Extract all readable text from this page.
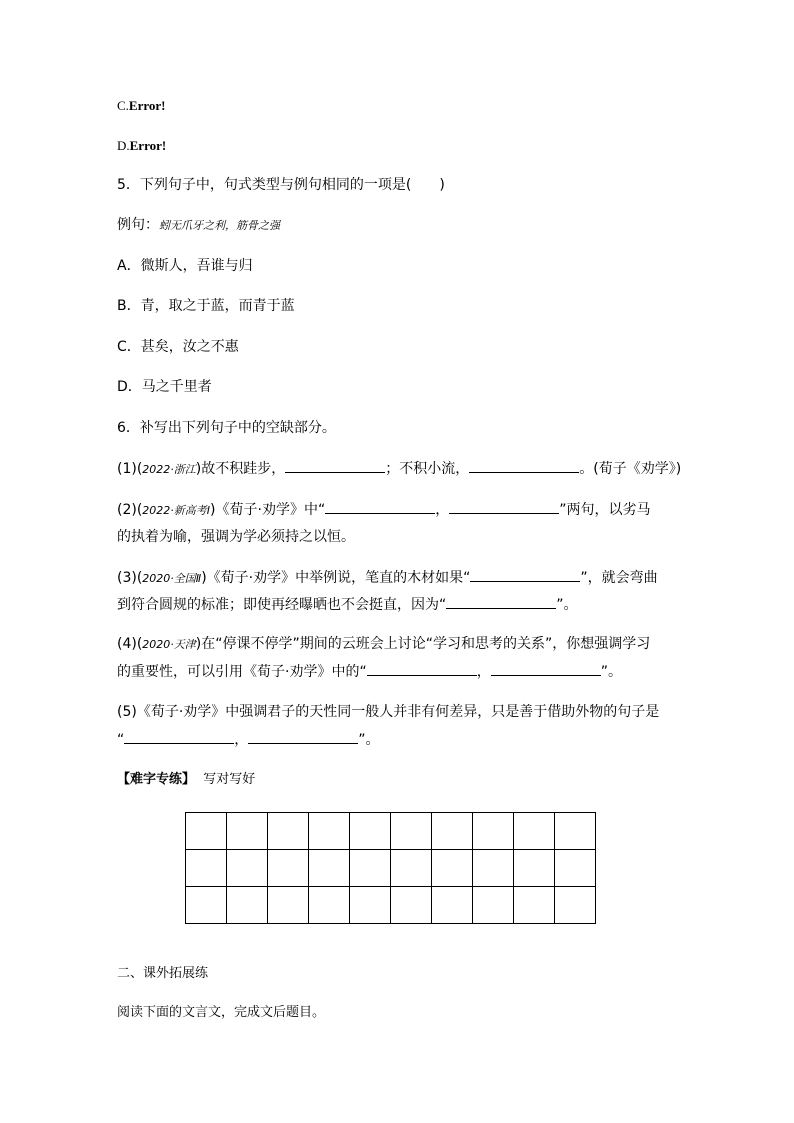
C.Error!
D.Error!
5．下列句子中，句式类型与例句相同的一项是(　　)
例句：蚓无爪牙之利，筋骨之强
A．微斯人，吾谁与归
B．青，取之于蓝，而青于蓝
C．甚矣，汝之不惠
D．马之千里者
6．补写出下列句子中的空缺部分。
(1)(2022·浙江)故不积跬步，	；不积小流，	。(荀子《劝学》)
(2)(2022·新高考Ⅰ)《荀子·劝学》中“	，	”两句，以劣马
的执着为喻，强调为学必须持之以恒。
(3)(2020·全国Ⅱ)《荀子·劝学》中举例说，笔直的木材如果“	”，就会弯曲
到符合圆规的标准；即使再经曝晒也不会挺直，因为“	”。
(4)(2020·天津)在“停课不停学”期间的云班会上讨论“学习和思考的关系”，你想强调学习
的重要性，可以引用《荀子·劝学》中的“	，	”。
(5)《荀子·劝学》中强调君子的天性同一般人并非有何差异，只是善于借助外物的句子是
“	，	”。
【难字专练】 写对写好

二、课外拓展练
阅读下面的文言文，完成文后题目。
